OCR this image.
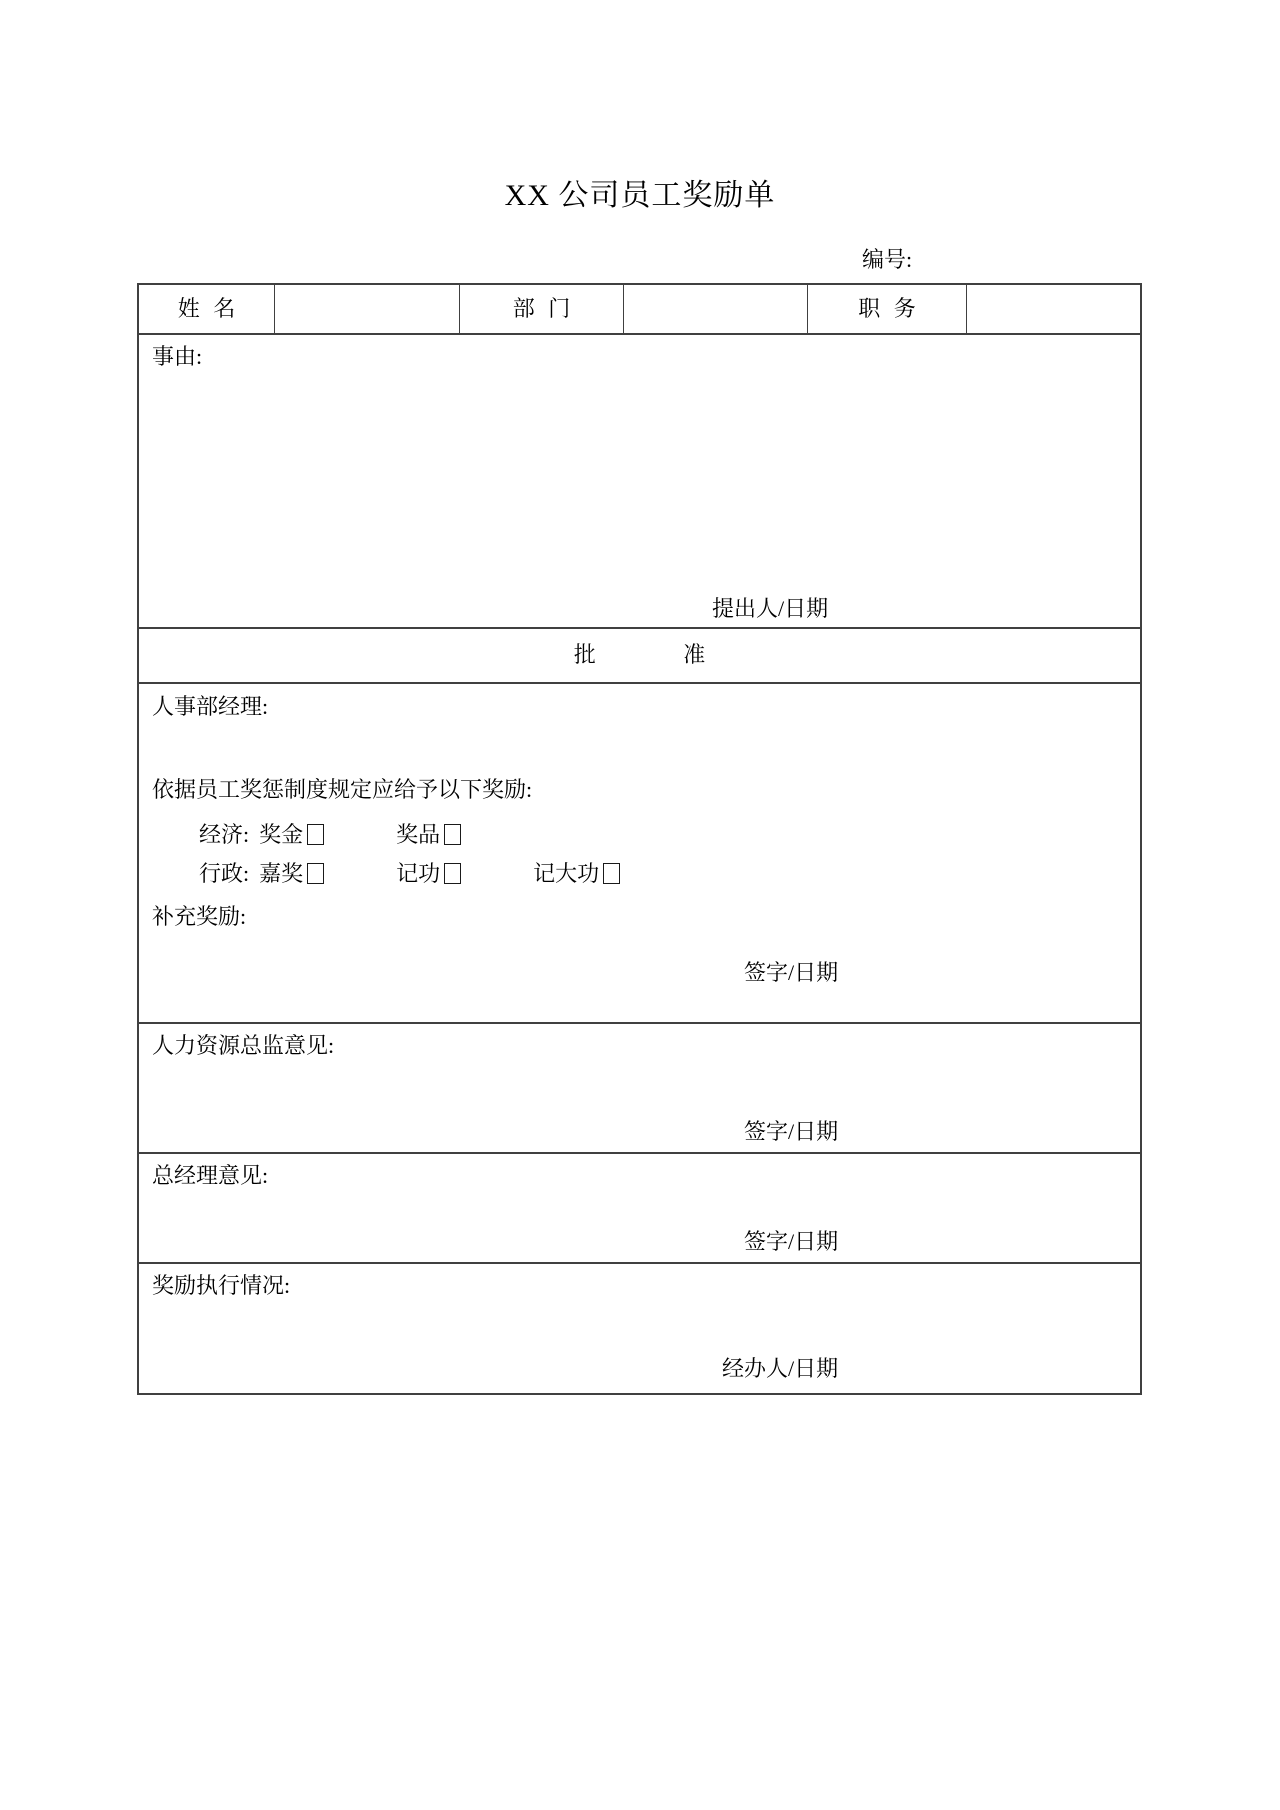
XX 公司员工奖励单
编号:
姓 名	部 门	职 务
事由:
提出人/日期
批 准
人事部经理:
依据员工奖惩制度规定应给予以下奖励:
经济: 奖金	奖品
行政: 嘉奖	记功	记大功
补充奖励:
签字/日期
人力资源总监意见:
签字/日期
总经理意见:
签字/日期
奖励执行情况:
经办人/日期
